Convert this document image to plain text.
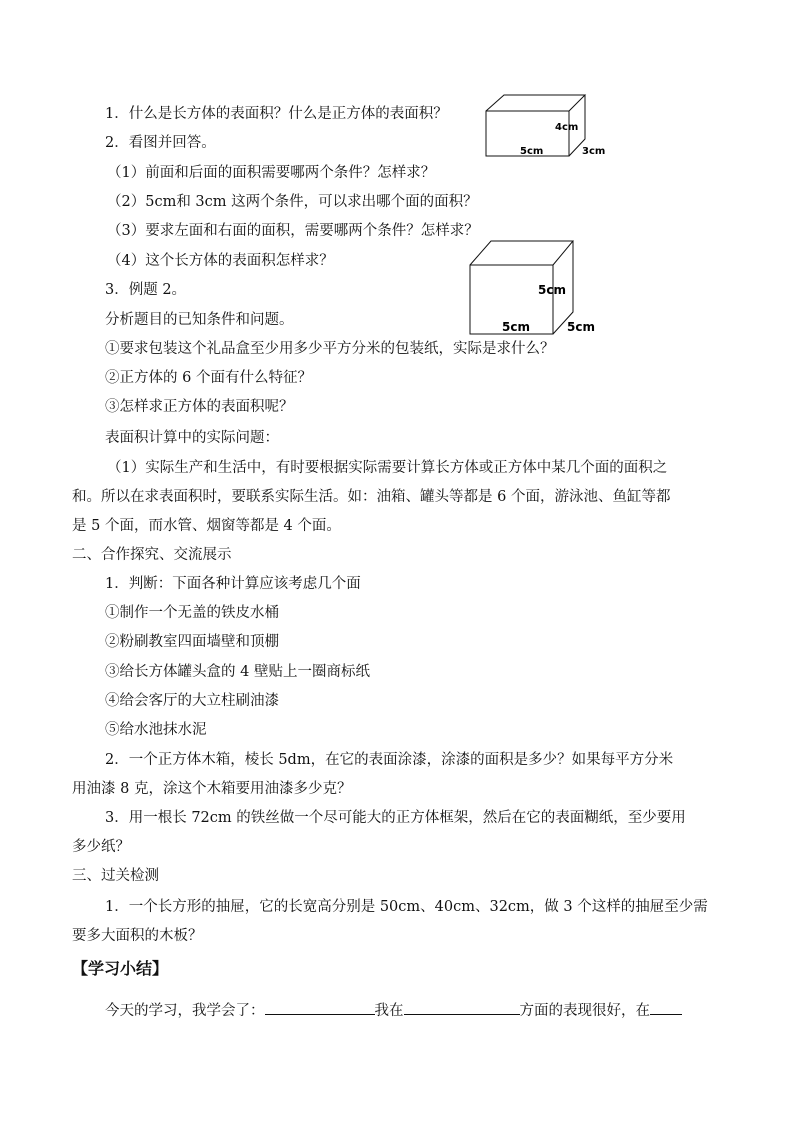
1．什么是长方体的表面积？什么是正方体的表面积？
2．看图并回答。
（1）前面和后面的面积需要哪两个条件？怎样求？
（2）5cm和 3cm 这两个条件，可以求出哪个面的面积？
（3）要求左面和右面的面积，需要哪两个条件？怎样求？
（4）这个长方体的表面积怎样求？
3．例题 2。
分析题目的已知条件和问题。
①要求包装这个礼品盒至少用多少平方分米的包装纸，实际是求什么？
②正方体的 6 个面有什么特征？
③怎样求正方体的表面积呢？
表面积计算中的实际问题：
（1）实际生产和生活中，有时要根据实际需要计算长方体或正方体中某几个面的面积之
和。所以在求表面积时，要联系实际生活。如：油箱、罐头等都是 6 个面，游泳池、鱼缸等都
是 5 个面，而水管、烟窗等都是 4 个面。
二、合作探究、交流展示
1．判断：下面各种计算应该考虑几个面
①制作一个无盖的铁皮水桶
②粉刷教室四面墙壁和顶棚
③给长方体罐头盒的 4 壁贴上一圈商标纸
④给会客厅的大立柱刷油漆
⑤给水池抹水泥
2．一个正方体木箱，棱长 5dm，在它的表面涂漆，涂漆的面积是多少？如果每平方分米
用油漆 8 克，涂这个木箱要用油漆多少克？
3．用一根长 72cm 的铁丝做一个尽可能大的正方体框架，然后在它的表面糊纸，至少要用
多少纸？
三、过关检测
1．一个长方形的抽屉，它的长宽高分别是 50cm、40cm、32cm，做 3 个这样的抽屉至少需
要多大面积的木板？
【学习小结】
今天的学习，我学会了：	我在	方面的表现很好，在
4cm
5cm	3cm
5cm
5cm	5cm
